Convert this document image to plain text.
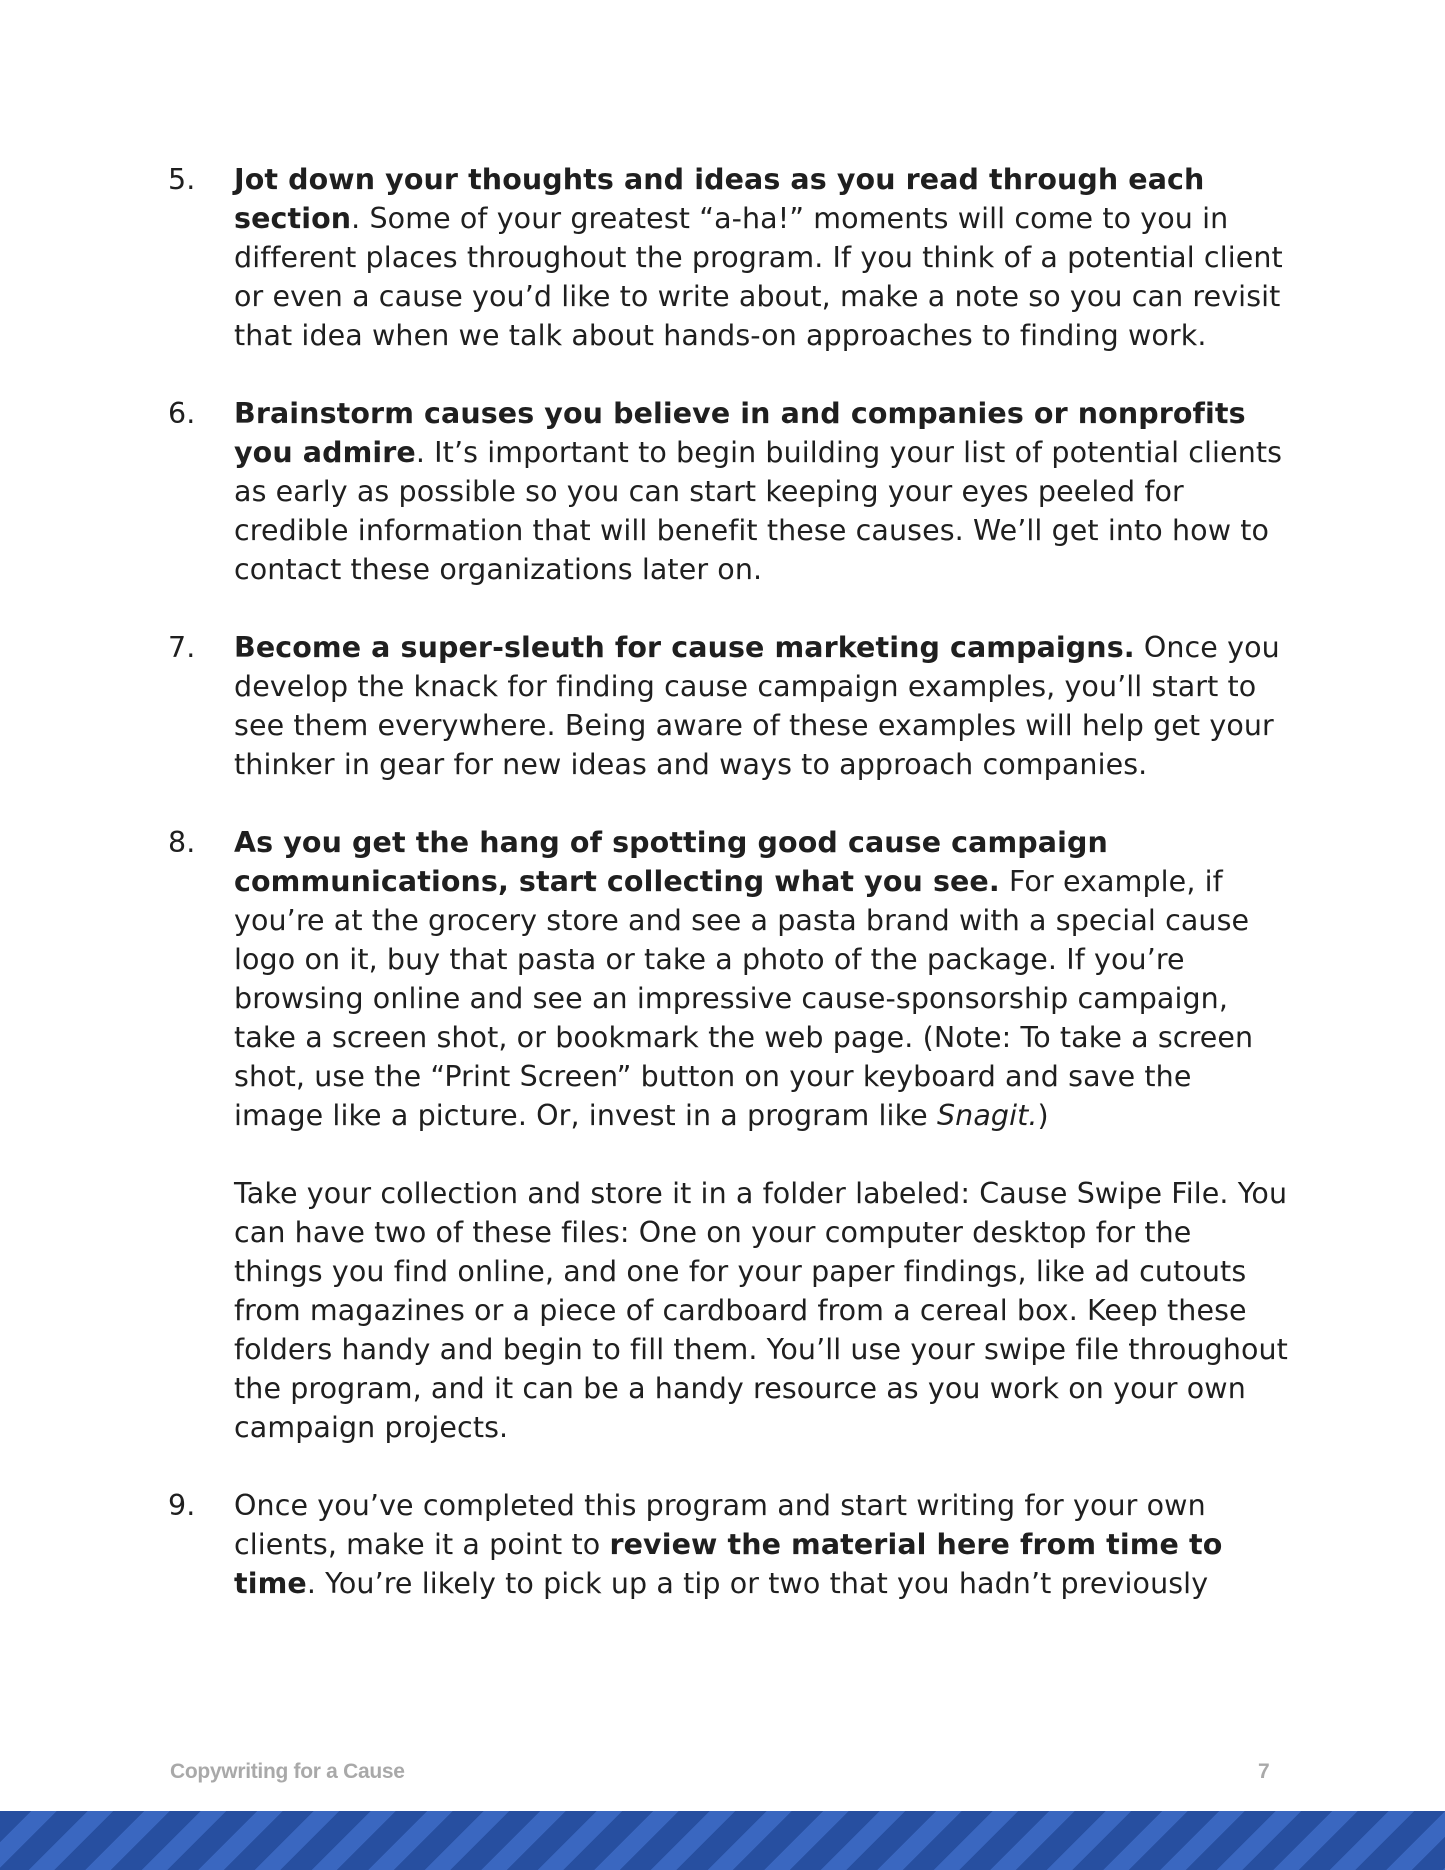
5.	Jot down your thoughts and ideas as you read through each section. Some of your greatest “a-ha!” moments will come to you in different places throughout the program. If you think of a potential client or even a cause you’d like to write about, make a note so you can revisit that idea when we talk about hands-on approaches to finding work.

6.	Brainstorm causes you believe in and companies or nonprofits you admire. It’s important to begin building your list of potential clients as early as possible so you can start keeping your eyes peeled for credible information that will benefit these causes. We’ll get into how to contact these organizations later on.

7.	Become a super-sleuth for cause marketing campaigns. Once you develop the knack for finding cause campaign examples, you’ll start to see them everywhere. Being aware of these examples will help get your thinker in gear for new ideas and ways to approach companies.

8.	As you get the hang of spotting good cause campaign communications, start collecting what you see. For example, if you’re at the grocery store and see a pasta brand with a special cause logo on it, buy that pasta or take a photo of the package. If you’re browsing online and see an impressive cause-sponsorship campaign, take a screen shot, or bookmark the web page. (Note: To take a screen shot, use the “Print Screen” button on your keyboard and save the image like a picture. Or, invest in a program like Snagit.)

Take your collection and store it in a folder labeled: Cause Swipe File. You can have two of these files: One on your computer desktop for the things you find online, and one for your paper findings, like ad cutouts from magazines or a piece of cardboard from a cereal box. Keep these folders handy and begin to fill them. You’ll use your swipe file throughout the program, and it can be a handy resource as you work on your own campaign projects.

9.	Once you’ve completed this program and start writing for your own clients, make it a point to review the material here from time to time. You’re likely to pick up a tip or two that you hadn’t previously

Copywriting for a Cause	7
